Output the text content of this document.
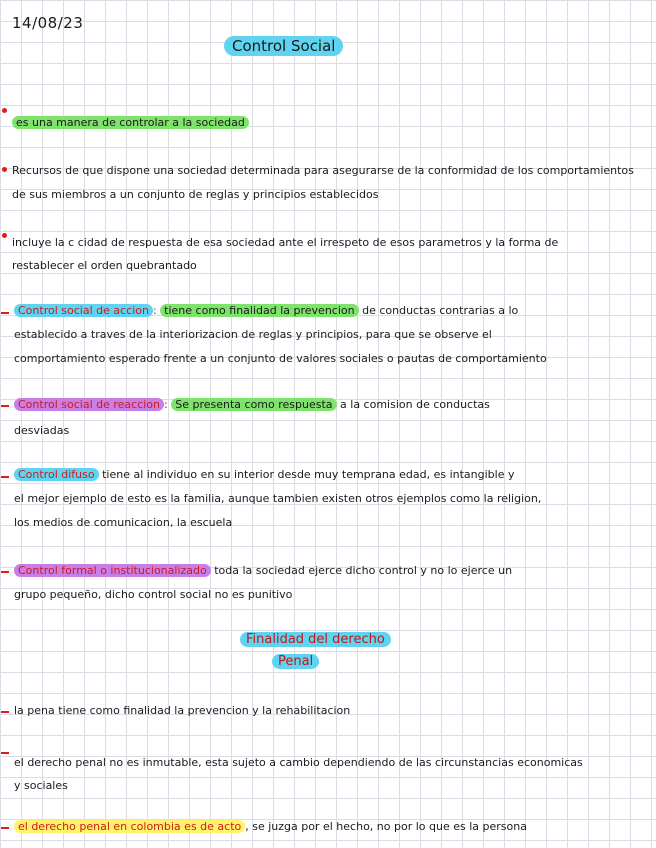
14/08/23
Control Social
es una manera de controlar a la sociedad
Recursos de que dispone una sociedad determinada para asegurarse de la conformidad de los comportamientos
de sus miembros a un conjunto de reglas y principios establecidos
incluye la c cidad de respuesta de esa sociedad ante el irrespeto de esos parametros y la forma de
restablecer el orden quebrantado
Control social de accion : tiene como finalidad la prevencion de conductas contrarias a lo
establecido a traves de la interiorizacion de reglas y principios, para que se observe el
comportamiento esperado frente a un conjunto de valores sociales o pautas de comportamiento
Control social de reaccion : Se presenta como respuesta a la comision de conductas
desviadas
Control difuso tiene al individuo en su interior desde muy temprana edad, es intangible y
el mejor ejemplo de esto es la familia, aunque tambien existen otros ejemplos como la religion,
los medios de comunicacion, la escuela
Control formal o institucionalizado toda la sociedad ejerce dicho control y no lo ejerce un
grupo pequeño, dicho control social no es punitivo
Finalidad del derecho
Penal
la pena tiene como finalidad la prevencion y la rehabilitacion
el derecho penal no es inmutable, esta sujeto a cambio dependiendo de las circunstancias economicas
y sociales
el derecho penal en colombia es de acto , se juzga por el hecho, no por lo que es la persona
